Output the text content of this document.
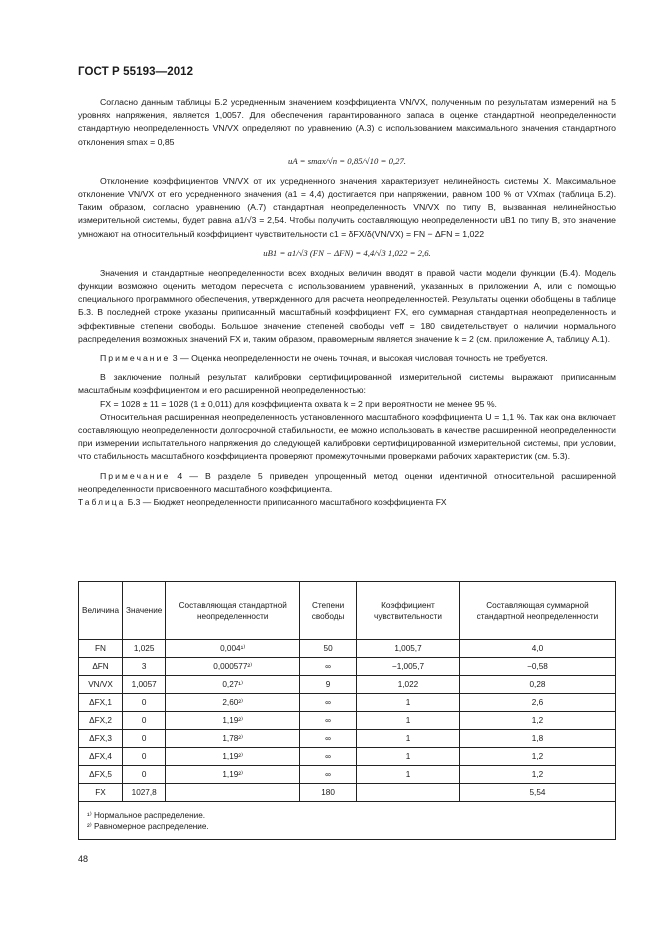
ГОСТ Р 55193—2012

Согласно данным таблицы Б.2 усредненным значением коэффициента VN/VX, полученным по результатам измерений на 5 уровнях напряжения, является 1,0057. Для обеспечения гарантированного запаса в оценке стандартной неопределенности стандартную неопределенность VN/VX определяют по уравнению (А.3) с использованием максимального значения стандартного отклонения smax = 0,85

uA = smax/√n = 0,85/√10 = 0,27.

Отклонение коэффициентов VN/VX от их усредненного значения характеризует нелинейность системы X. Максимальное отклонение VN/VX от его усредненного значения (a1 = 4,4) достигается при напряжении, равном 100 % от VXmax (таблица Б.2). Таким образом, согласно уравнению (А.7) стандартная неопределенность VN/VX по типу В, вызванная нелинейностью измерительной системы, будет равна a1/√3 = 2,54. Чтобы получить составляющую неопределенности uB1 по типу В, это значение умножают на относительный коэффициент чувствительности c1 = δFX/δ(VN/VX) = FN − ΔFN = 1,022

uB1 = a1/√3 (FN − ΔFN) = 4,4/√3 1,022 = 2,6.

Значения и стандартные неопределенности всех входных величин вводят в правой части модели функции (Б.4). Модель функции возможно оценить методом пересчета с использованием уравнений, указанных в приложении А, или с помощью специального программного обеспечения, утвержденного для расчета неопределенностей. Результаты оценки обобщены в таблице Б.3. В последней строке указаны приписанный масштабный коэффициент FX, его суммарная стандартная неопределенность и эффективные степени свободы. Большое значение степеней свободы veff = 180 свидетельствует о наличии нормального распределения возможных значений FX и, таким образом, правомерным является значение k = 2 (см. приложение А, таблицу А.1).

Примечание 3 — Оценка неопределенности не очень точная, и высокая числовая точность не требуется.

В заключение полный результат калибровки сертифицированной измерительной системы выражают приписанным масштабным коэффициентом и его расширенной неопределенностью:

FX = 1028 ± 11 = 1028 (1 ± 0,011) для коэффициента охвата k = 2 при вероятности не менее 95 %.

Относительная расширенная неопределенность установленного масштабного коэффициента U = 1,1 %. Так как она включает составляющую неопределенности долгосрочной стабильности, ее можно использовать в качестве расширенной неопределенности при измерении испытательного напряжения до следующей калибровки сертифицированной измерительной системы, при условии, что стабильность масштабного коэффициента проверяют промежуточными проверками рабочих характеристик (см. 5.3).

Примечание 4 — В разделе 5 приведен упрощенный метод оценки идентичной относительной расширенной неопределенности присвоенного масштабного коэффициента.

Таблица Б.3 — Бюджет неопределенности приписанного масштабного коэффициента FX

Величина	Значение	Составляющая стандартной неопределенности	Степени свободы	Коэффициент чувствительности	Составляющая суммарной стандартной неопределенности
FN	1,025	0,004¹⁾	50	1,005,7	4,0
ΔFN	3	0,000577²⁾	∞	−1,005,7	−0,58
VN/VX	1,0057	0,27¹⁾	9	1,022	0,28
ΔFX,1	0	2,60²⁾	∞	1	2,6
ΔFX,2	0	1,19²⁾	∞	1	1,2
ΔFX,3	0	1,78²⁾	∞	1	1,8
ΔFX,4	0	1,19²⁾	∞	1	1,2
ΔFX,5	0	1,19²⁾	∞	1	1,2
FX	1027,8		180		5,54

¹⁾ Нормальное распределение.
²⁾ Равномерное распределение.					
48
